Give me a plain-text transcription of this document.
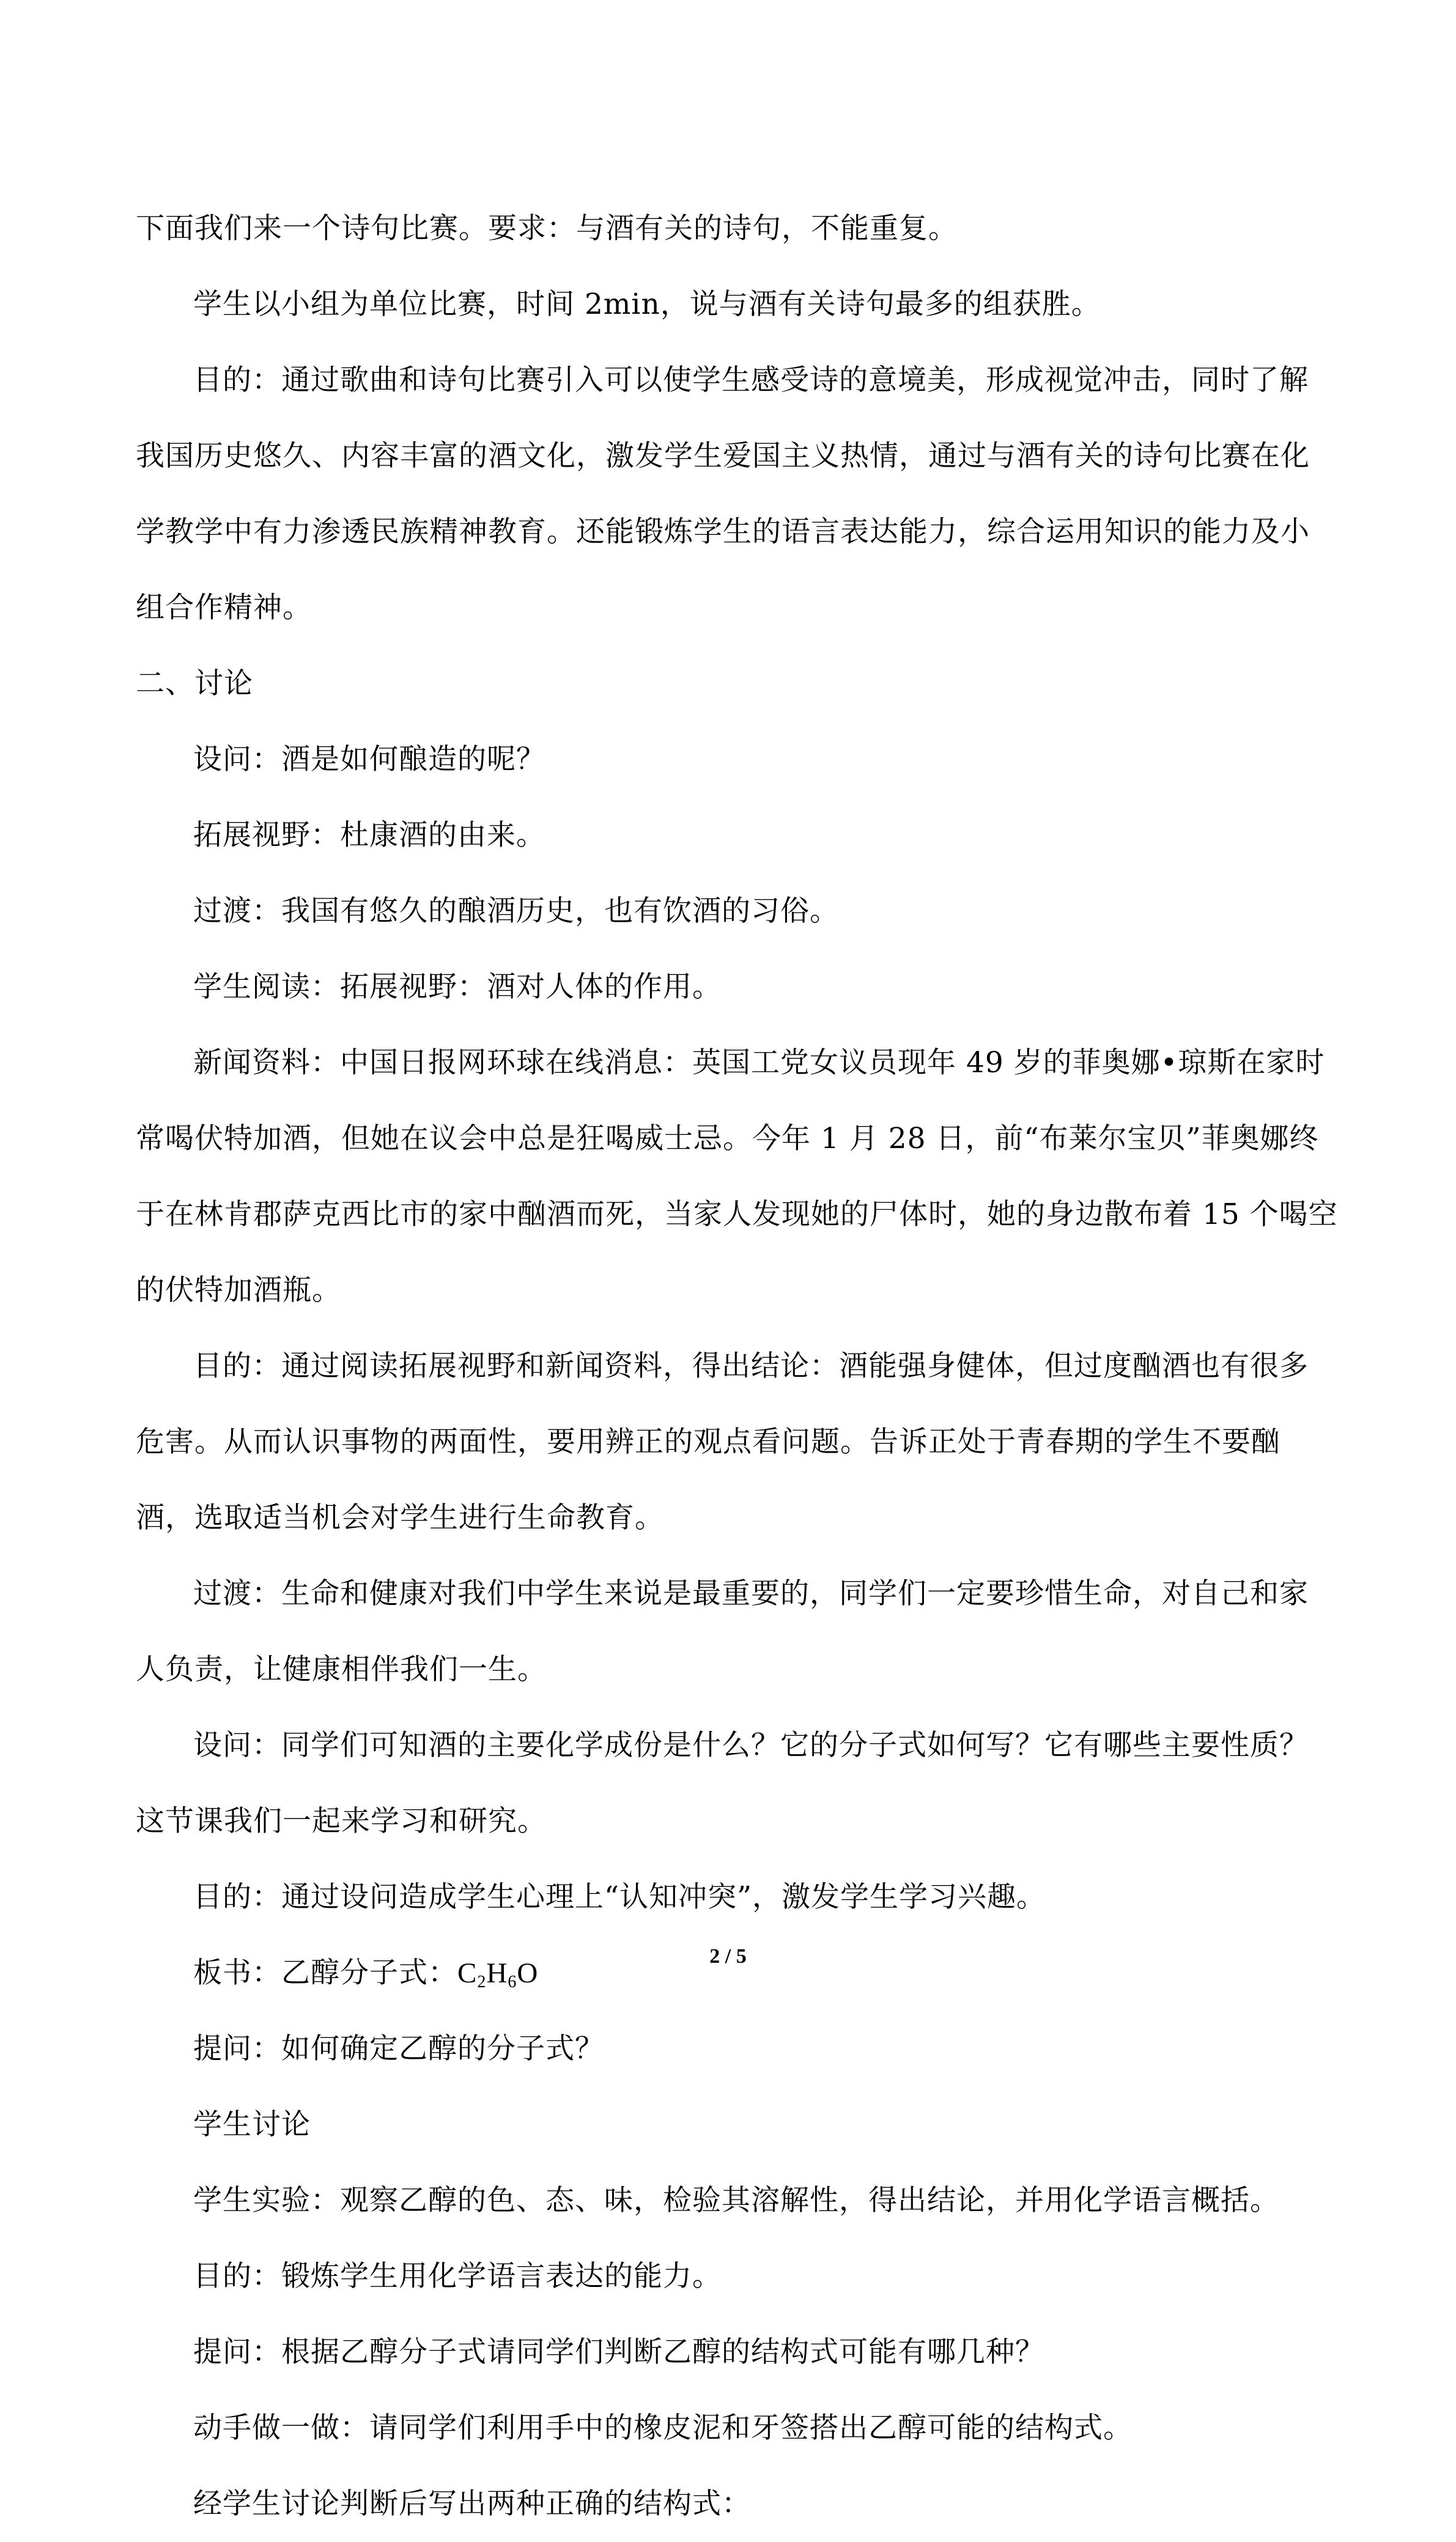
下面我们来一个诗句比赛。要求：与酒有关的诗句，不能重复。
学生以小组为单位比赛，时间 2min，说与酒有关诗句最多的组获胜。
目的：通过歌曲和诗句比赛引入可以使学生感受诗的意境美，形成视觉冲击，同时了解
我国历史悠久、内容丰富的酒文化，激发学生爱国主义热情，通过与酒有关的诗句比赛在化
学教学中有力渗透民族精神教育。还能锻炼学生的语言表达能力，综合运用知识的能力及小
组合作精神。
二、讨论
设问：酒是如何酿造的呢？
拓展视野：杜康酒的由来。
过渡：我国有悠久的酿酒历史，也有饮酒的习俗。
学生阅读：拓展视野：酒对人体的作用。
新闻资料：中国日报网环球在线消息：英国工党女议员现年 49 岁的菲奥娜•琼斯在家时
常喝伏特加酒，但她在议会中总是狂喝威士忌。今年 1 月 28 日，前“布莱尔宝贝”菲奥娜终
于在林肯郡萨克西比市的家中酗酒而死，当家人发现她的尸体时，她的身边散布着 15 个喝空
的伏特加酒瓶。
目的：通过阅读拓展视野和新闻资料，得出结论：酒能强身健体，但过度酗酒也有很多
危害。从而认识事物的两面性，要用辨正的观点看问题。告诉正处于青春期的学生不要酗
酒，选取适当机会对学生进行生命教育。
过渡：生命和健康对我们中学生来说是最重要的，同学们一定要珍惜生命，对自己和家
人负责，让健康相伴我们一生。
设问：同学们可知酒的主要化学成份是什么？它的分子式如何写？它有哪些主要性质？
这节课我们一起来学习和研究。
目的：通过设问造成学生心理上“认知冲突”，激发学生学习兴趣。
板书：乙醇分子式：$C_2H_6O$
提问：如何确定乙醇的分子式？
学生讨论
学生实验：观察乙醇的色、态、味，检验其溶解性，得出结论，并用化学语言概括。
目的：锻炼学生用化学语言表达的能力。
提问：根据乙醇分子式请同学们判断乙醇的结构式可能有哪几种？
动手做一做：请同学们利用手中的橡皮泥和牙签搭出乙醇可能的结构式。
经学生讨论判断后写出两种正确的结构式：
2 / 5
